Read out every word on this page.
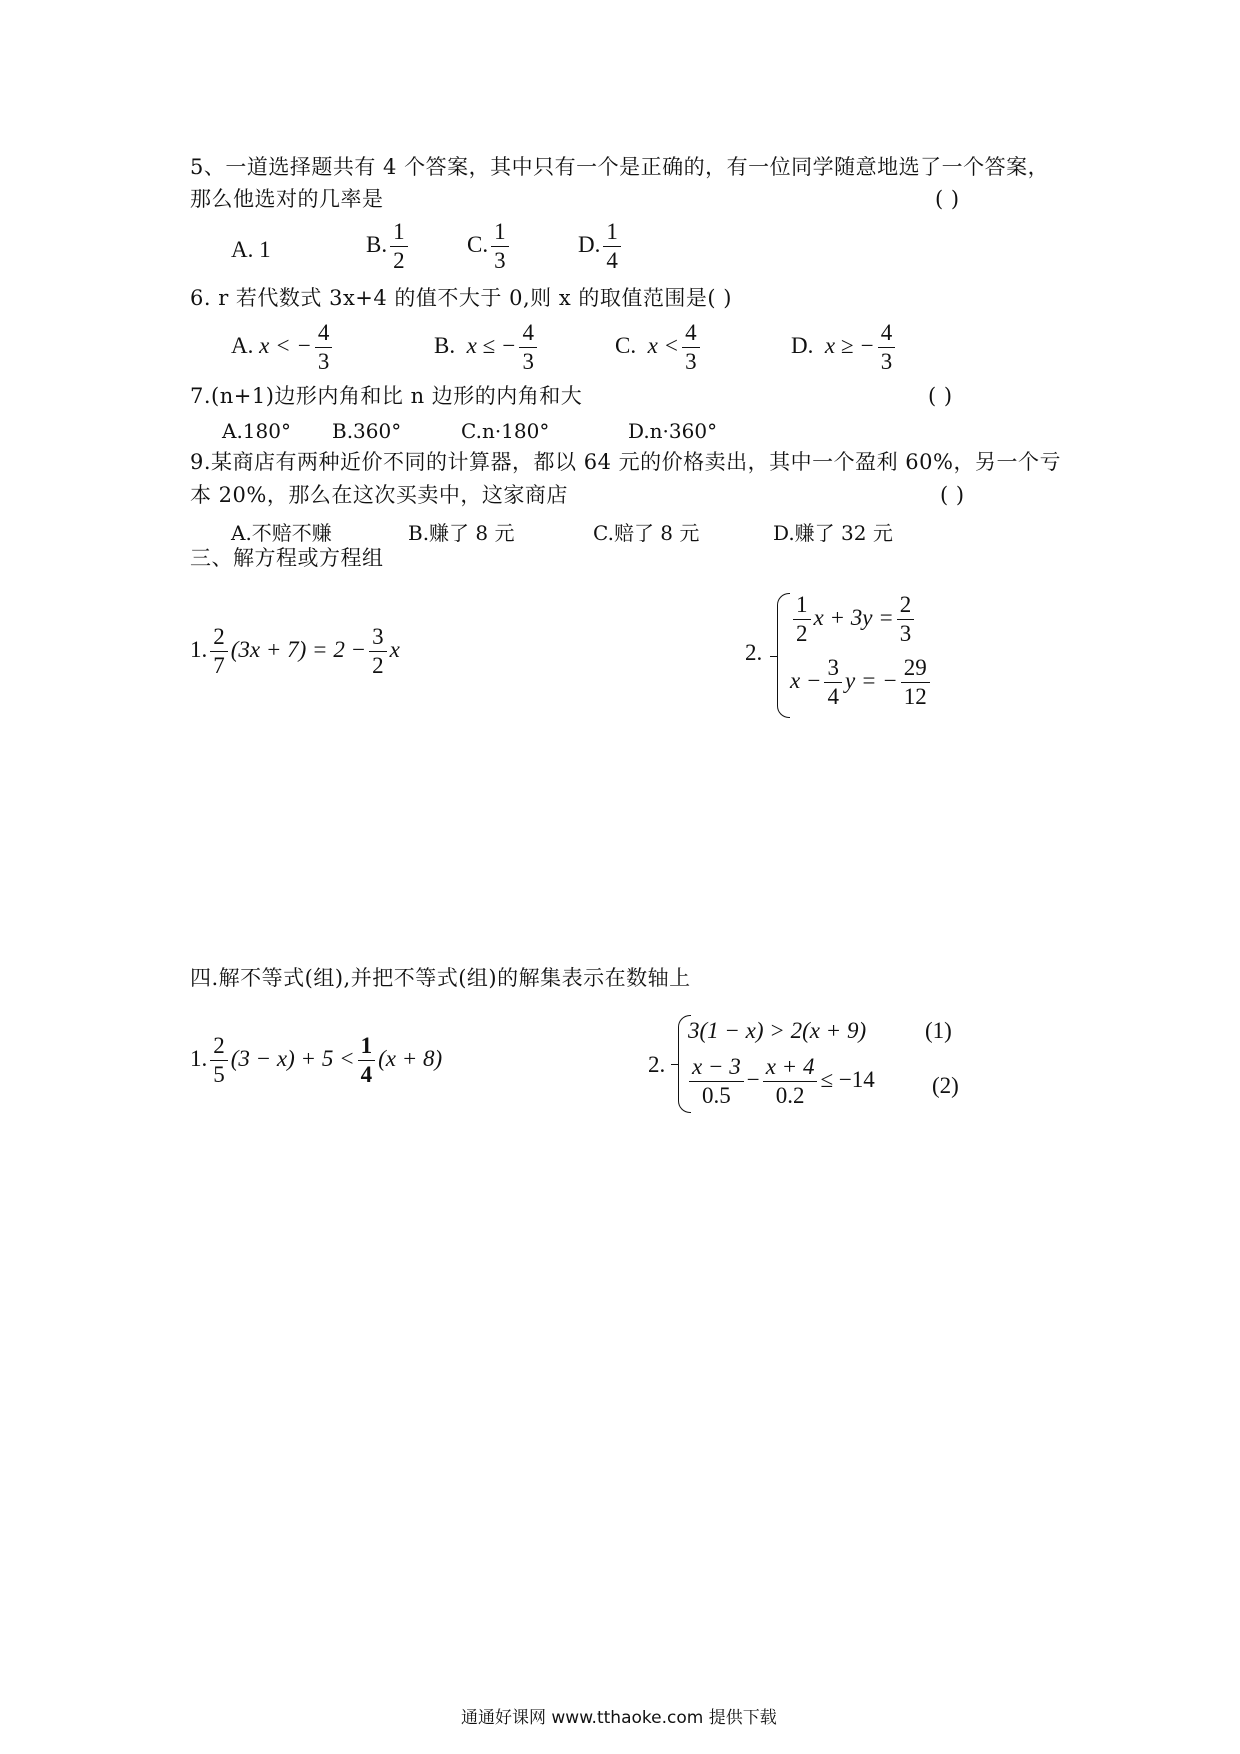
5、一道选择题共有 4 个答案，其中只有一个是正确的，有一位同学随意地选了一个答案，
那么他选对的几率是	( )
A. 1	B. $\frac{1}{2}$	C. $\frac{1}{3}$	D. $\frac{1}{4}$
6. r 若代数式 3x+4 的值不大于 0,则 x 的取值范围是( )
A. x < − $\frac{4}{3}$	B. x ≤ − $\frac{4}{3}$	C. $x < \frac{4}{3}$	D. x ≥ − $\frac{4}{3}$
7.(n+1)边形内角和比 n 边形的内角和大	( )
A.180° B.360°	C.n·180°	D.n·360°
9.某商店有两种近价不同的计算器，都以 64 元的价格卖出，其中一个盈利 60%，另一个亏
本 20%，那么在这次买卖中，这家商店	( )
A.不赔不赚	B.赚了 8 元	C.赔了 8 元	D.赚了 32 元
三、解方程或方程组
1. $\frac{2}{7} (3x + 7) = 2 - \frac{3}{2}$ x	2.
$\frac{1}{2}$ $x + 3y = \frac{2}{3}$
$x - \frac{3}{4}$ y = − $\frac{29}{12}$
四.解不等式(组),并把不等式(组)的解集表示在数轴上
1. $\frac{2}{5} (3 - x) + 5 < \frac{1}{4} (x + 8)$	2.
3(1 − x) > 2(x + 9)	(1)
$\frac{x - 3}{0.5} - \frac{x + 4}{0.2} \le -14$ (2)
通通好课网 www.tthaoke.com 提供下载
